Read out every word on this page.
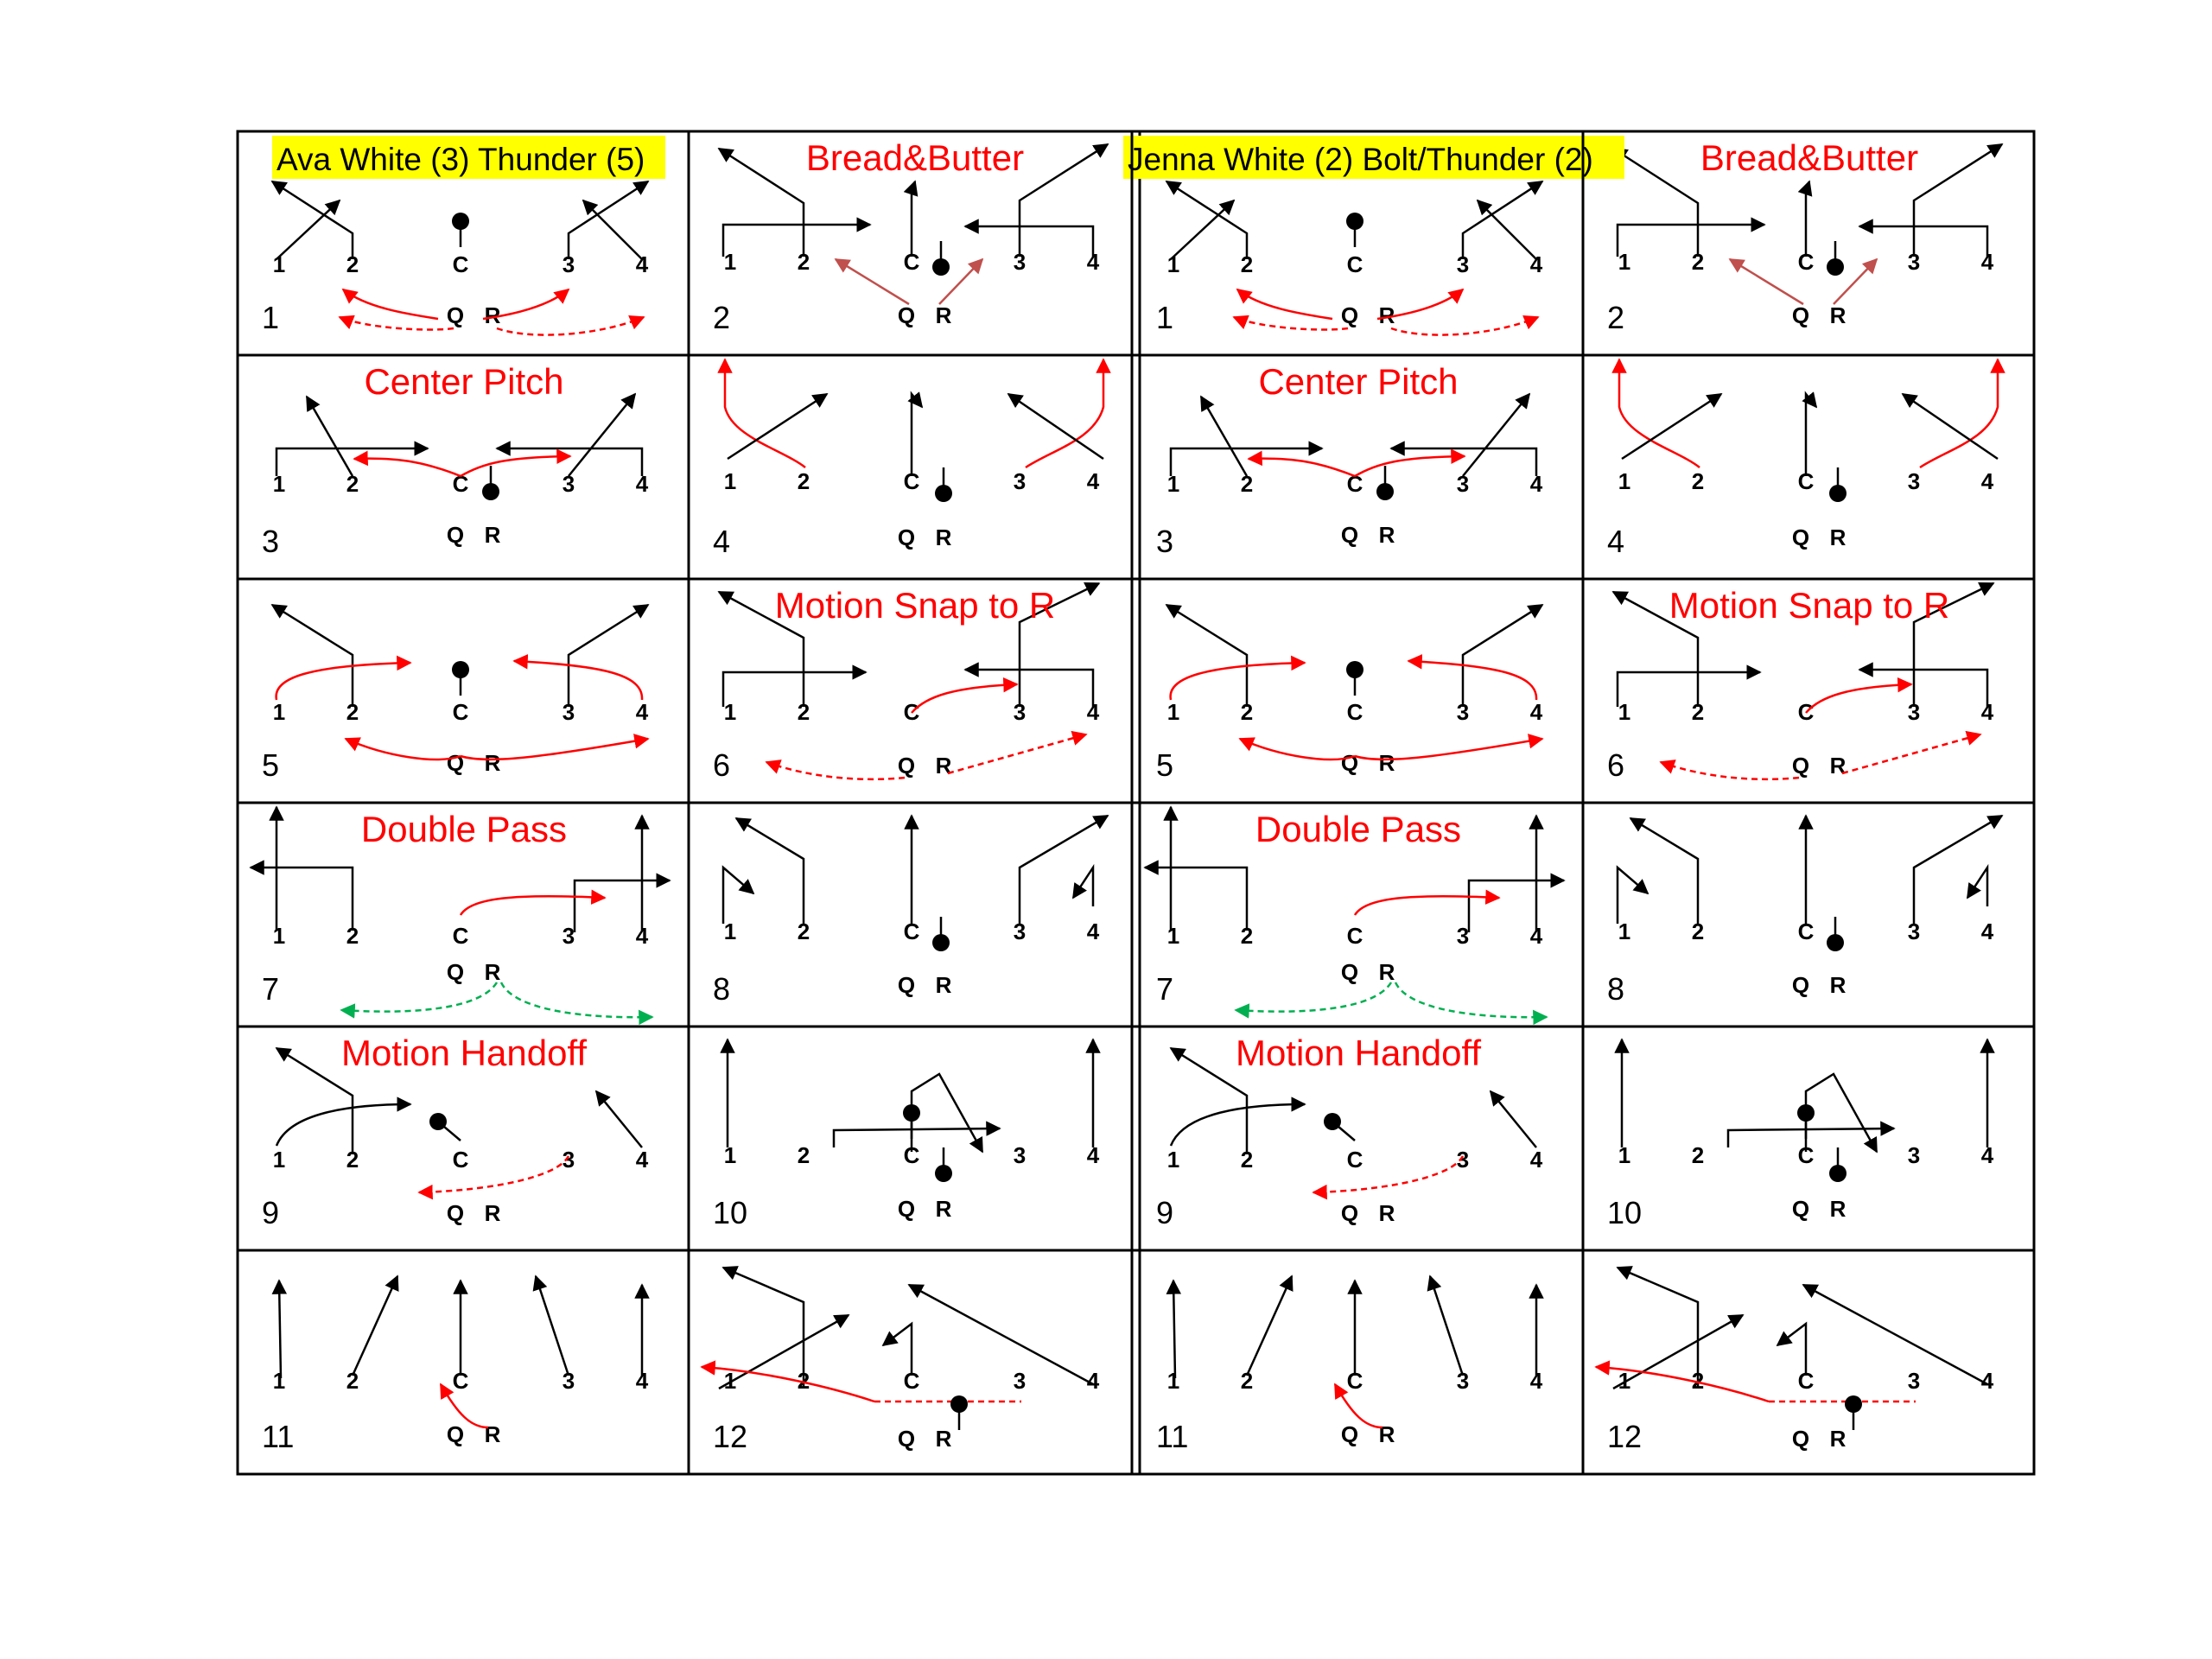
1	2	C	3	4
Q R
1
1	2	C	3	4
Q R
2
Bread&Butter
1	2	C	3	4
Q R
3
Center Pitch
1	2	C	3	4
Q R
4
1	2	C	3	4
Q R
5
1	2	C	3	4
Q R
6
Motion Snap to R
1	2	C	3	4
Q R
7
Double Pass
1	2	C	3	4
Q R
8
1	2	C	3	4
Q R
9
Motion Handoff
1	2	C	3	4
Q R
10
1	2	C	3	4
Q R
11
1	2	C	3	4
Q R
12
Ava White (3) Thunder (5)
1	2	C	3	4
Q R
1
1	2	C	3	4
Q R
2
Bread&Butter
1	2	C	3	4
Q R
3
Center Pitch
1	2	C	3	4
Q R
4
1	2	C	3	4
Q R
5
1	2	C	3	4
Q R
6
Motion Snap to R
1	2	C	3	4
Q R
7
Double Pass
1	2	C	3	4
Q R
8
1	2	C	3	4
Q R
9
Motion Handoff
1	2	C	3	4
Q R
10
1	2	C	3	4
Q R
11
1	2	C	3	4
Q R
12
Jenna White (2) Bolt/Thunder (2)
